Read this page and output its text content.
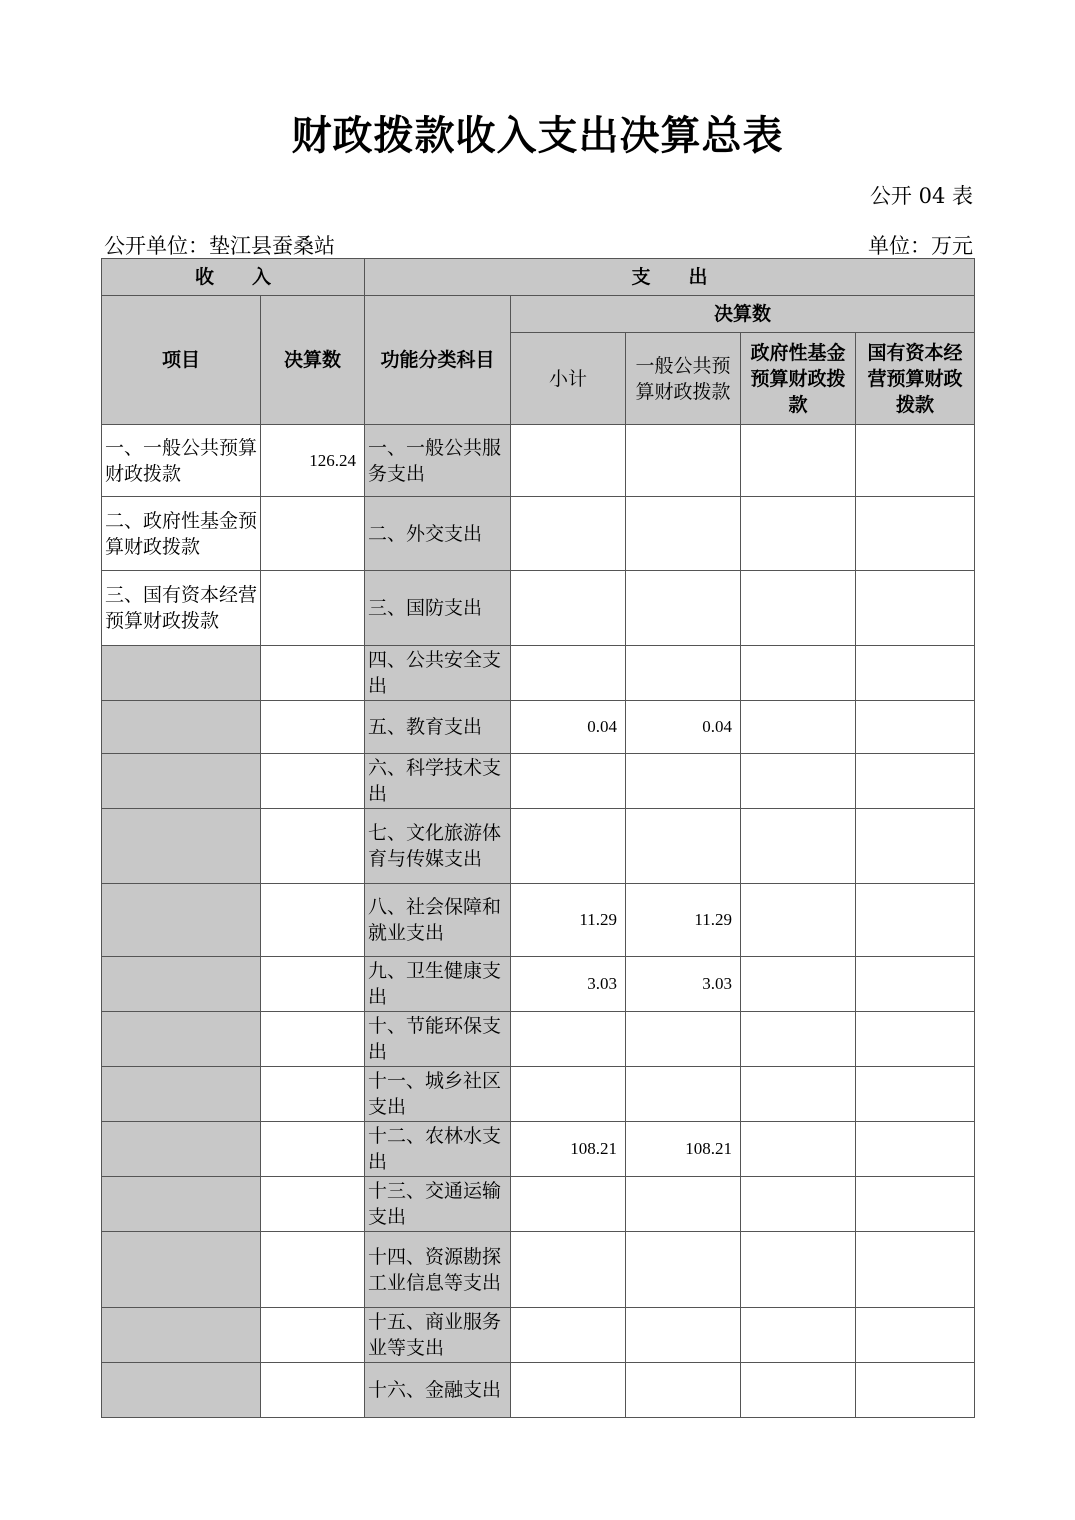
财政拨款收入支出决算总表
公开 04 表
公开单位：垫江县蚕桑站	单位：万元
收　　入		支　　出				
项目	决算数	功能分类科目	决算数			
			小计	一般公共预算财政拨款	政府性基金预算财政拨款	国有资本经营预算财政拨款
一、一般公共预算财政拨款	126.24	一、一般公共服务支出				
二、政府性基金预算财政拨款		二、外交支出				
三、国有资本经营预算财政拨款		三、国防支出				
		四、公共安全支出				
		五、教育支出	0.04	0.04		
		六、科学技术支出				
		七、文化旅游体育与传媒支出				
		八、社会保障和就业支出	11.29	11.29		
		九、卫生健康支出	3.03	3.03		
		十、节能环保支出				
		十一、城乡社区支出				
		十二、农林水支出	108.21	108.21		
		十三、交通运输支出				
		十四、资源勘探工业信息等支出				
		十五、商业服务业等支出				
		十六、金融支出				
